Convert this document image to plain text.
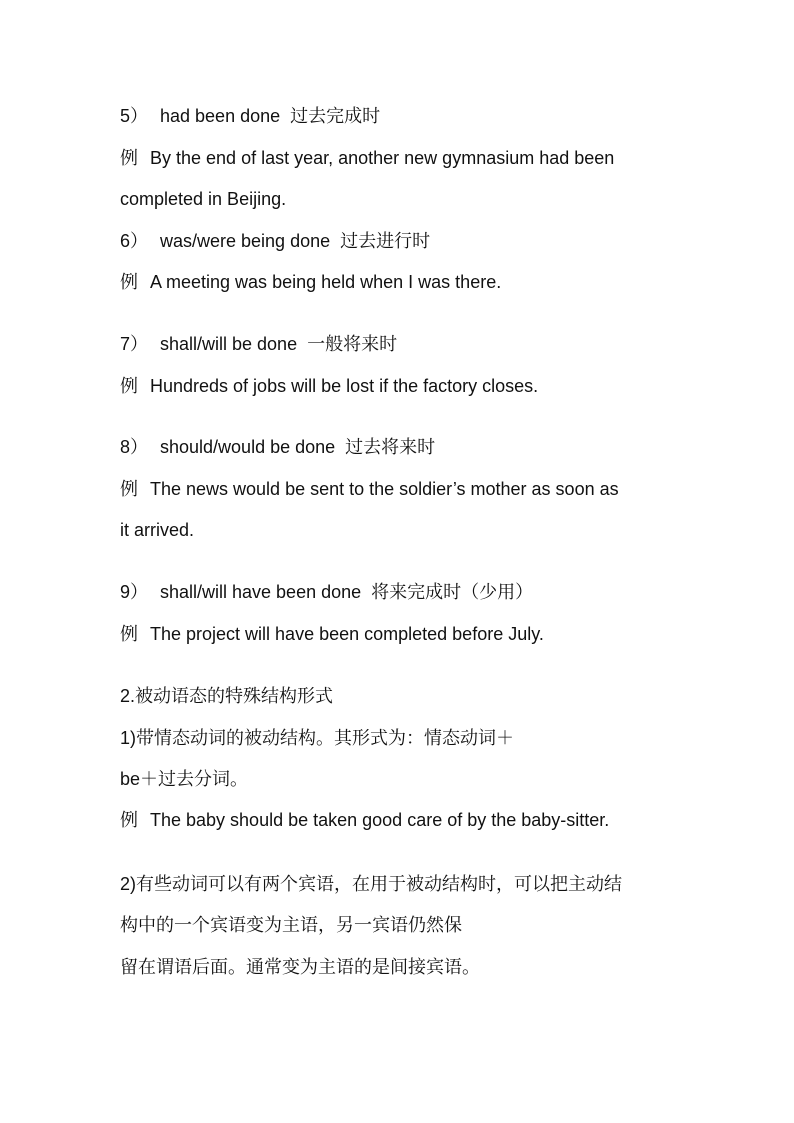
5） had been done 过去完成时
例 By the end of last year, another new gymnasium had been
completed in Beijing.
6） was/were being done 过去进行时
例 A meeting was being held when I was there.
7） shall/will be done 一般将来时
例 Hundreds of jobs will be lost if the factory closes.
8） should/would be done 过去将来时
例 The news would be sent to the soldier’s mother as soon as
it arrived.
9） shall/will have been done 将来完成时（少用）
例 The project will have been completed before July.
2.被动语态的特殊结构形式
1)带情态动词的被动结构。其形式为：情态动词＋
be＋过去分词。
例 The baby should be taken good care of by the baby-sitter.
2)有些动词可以有两个宾语，在用于被动结构时，可以把主动结
构中的一个宾语变为主语，另一宾语仍然保
留在谓语后面。通常变为主语的是间接宾语。
